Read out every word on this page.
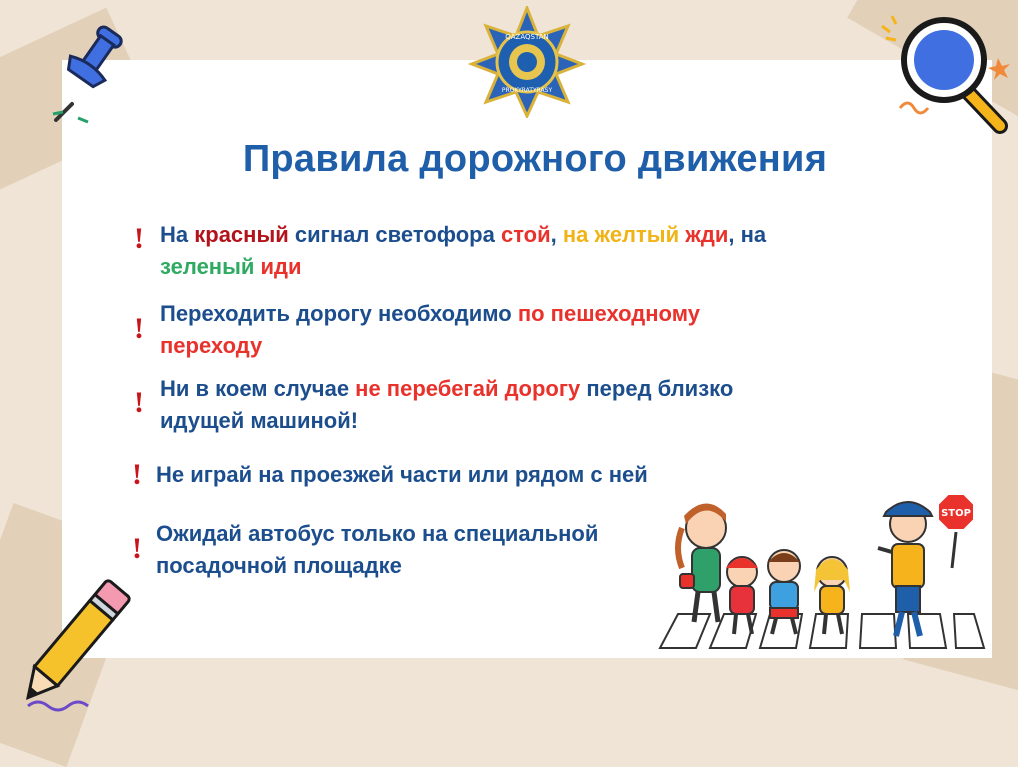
QAZAQSTAN
PROKYRATYRASY
Правила дорожного движения
! На красный сигнал светофора стой, на желтый жди, на
зеленый иди
! Переходить дорогу необходимо по пешеходному
переходу
! Ни в коем случае не перебегай дорогу перед близко
идущей машиной!
! Не играй на проезжей части или рядом с ней
! Ожидай автобус только на специальной
посадочной площадке
STOP
